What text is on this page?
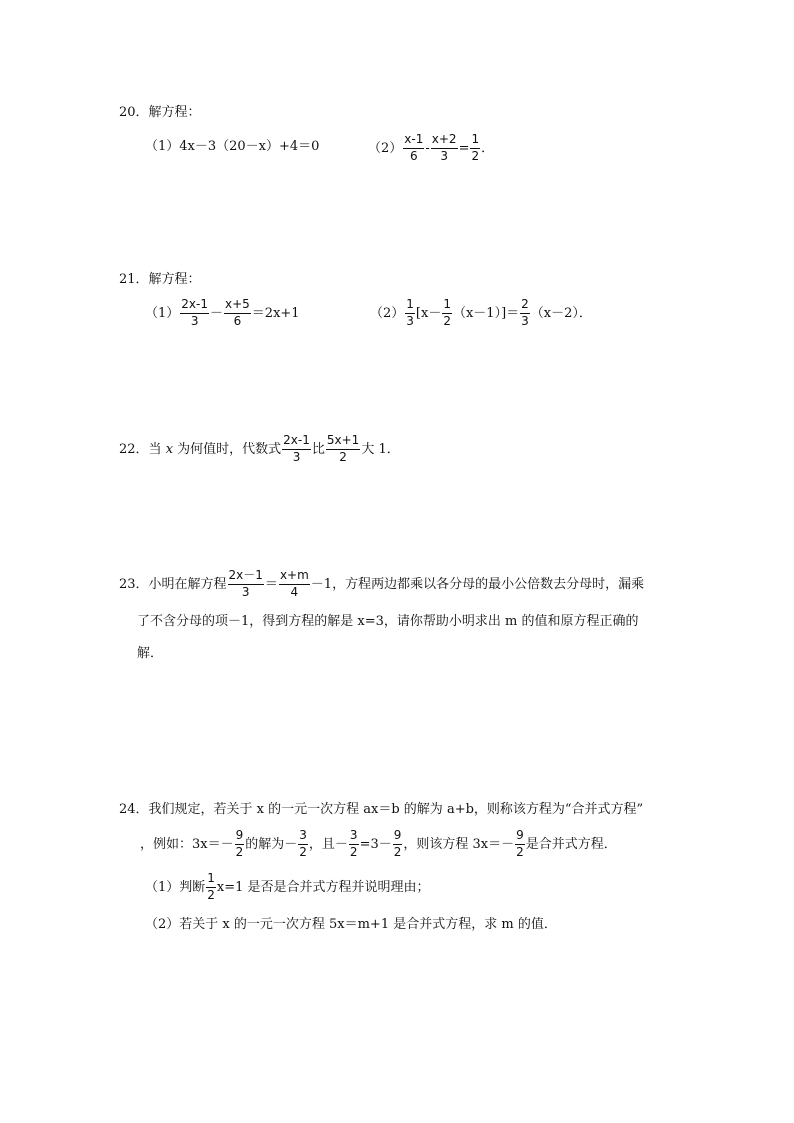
20．解方程：
（1）4x－3（20－x）+4＝0	$(2) \frac{x-1}{6} - \frac{x+2}{3} = \frac{1}{2}$ ．
21．解方程：
$(1) \frac{2x-1}{3} - \frac{x+5}{6} =2x+1$	$(2) \frac{1}{3} [x- \frac{1}{2} (x-1)]= \frac{2}{3} (x-2)$．
22．当 x 为何值时，代数式 $\frac{2x-1}{3}$ 比 $\frac{5x+1}{2}$ 大 1．
23．小明在解方程 $\frac{2x-1}{3} = \frac{x+m}{4} -1$，方程两边都乘以各分母的最小公倍数去分母时，漏乘
了不含分母的项－1，得到方程的解是 x=3，请你帮助小明求出 m 的值和原方程正确的
解．
24．我们规定，若关于 x 的一元一次方程 ax＝b 的解为 a+b，则称该方程为“合并式方程”
，例如：$3x=- \frac{9}{2}$ 的解为－ $\frac{3}{2}$ ，且－ $\frac{3}{2} =3- \frac{9}{2}$ ，则该方程 $3x=- \frac{9}{2}$ 是合并式方程．
（1）判断 $\frac{1}{2} x=1$ 是否是合并式方程并说明理由；
（2）若关于 x 的一元一次方程 5x＝m+1 是合并式方程，求 m 的值．
